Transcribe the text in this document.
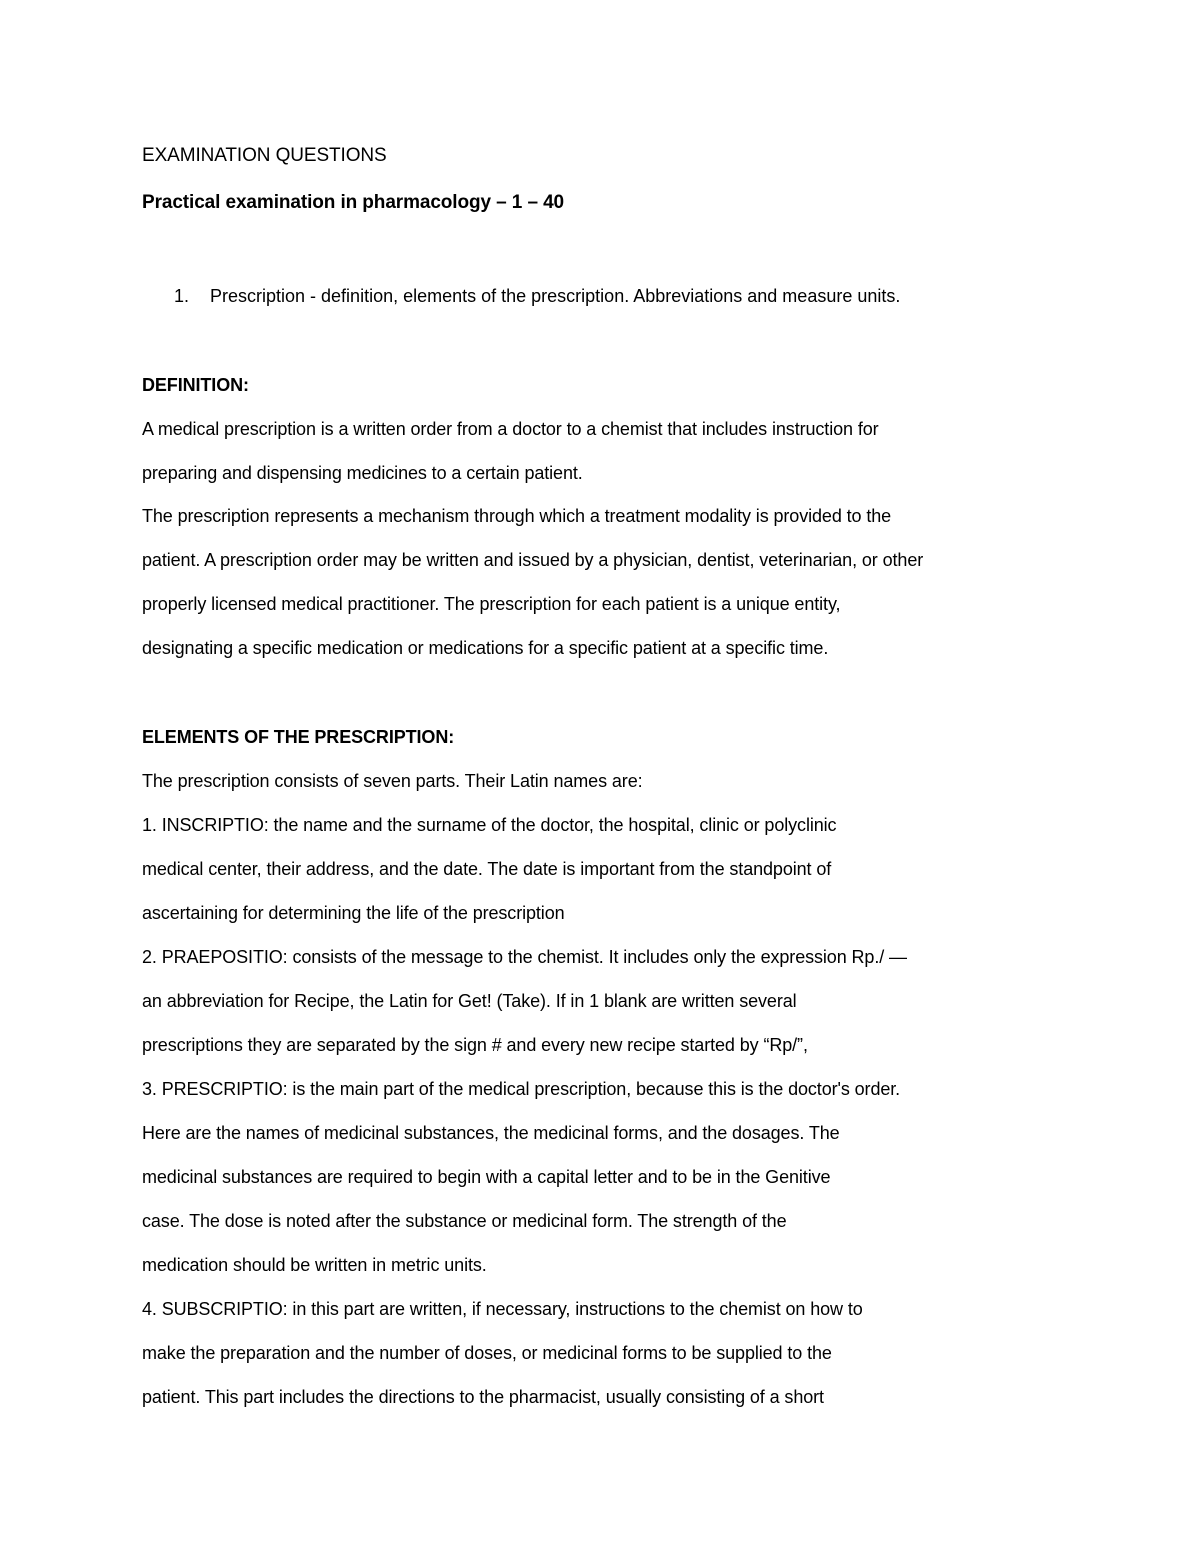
EXAMINATION QUESTIONS
Practical examination in pharmacology – 1 – 40
1. Prescription - definition, elements of the prescription. Abbreviations and measure units.
DEFINITION:
A medical prescription is a written order from a doctor to a chemist that includes instruction for
preparing and dispensing medicines to a certain patient.
The prescription represents a mechanism through which a treatment modality is provided to the
patient. A prescription order may be written and issued by a physician, dentist, veterinarian, or other
properly licensed medical practitioner. The prescription for each patient is a unique entity,
designating a specific medication or medications for a specific patient at a specific time.
ELEMENTS OF THE PRESCRIPTION:
The prescription consists of seven parts. Their Latin names are:
1. INSCRIPTIO: the name and the surname of the doctor, the hospital, clinic or polyclinic
medical center, their address, and the date. The date is important from the standpoint of
ascertaining for determining the life of the prescription
2. PRAEPOSITIO: consists of the message to the chemist. It includes only the expression Rp./ —
an abbreviation for Recipe, the Latin for Get! (Take). If in 1 blank are written several
prescriptions they are separated by the sign # and every new recipe started by “Rp/”,
3. PRESCRIPTIO: is the main part of the medical prescription, because this is the doctor's order.
Here are the names of medicinal substances, the medicinal forms, and the dosages. The
medicinal substances are required to begin with a capital letter and to be in the Genitive
case. The dose is noted after the substance or medicinal form. The strength of the
medication should be written in metric units.
4. SUBSCRIPTIO: in this part are written, if necessary, instructions to the chemist on how to
make the preparation and the number of doses, or medicinal forms to be supplied to the
patient. This part includes the directions to the pharmacist, usually consisting of a short
